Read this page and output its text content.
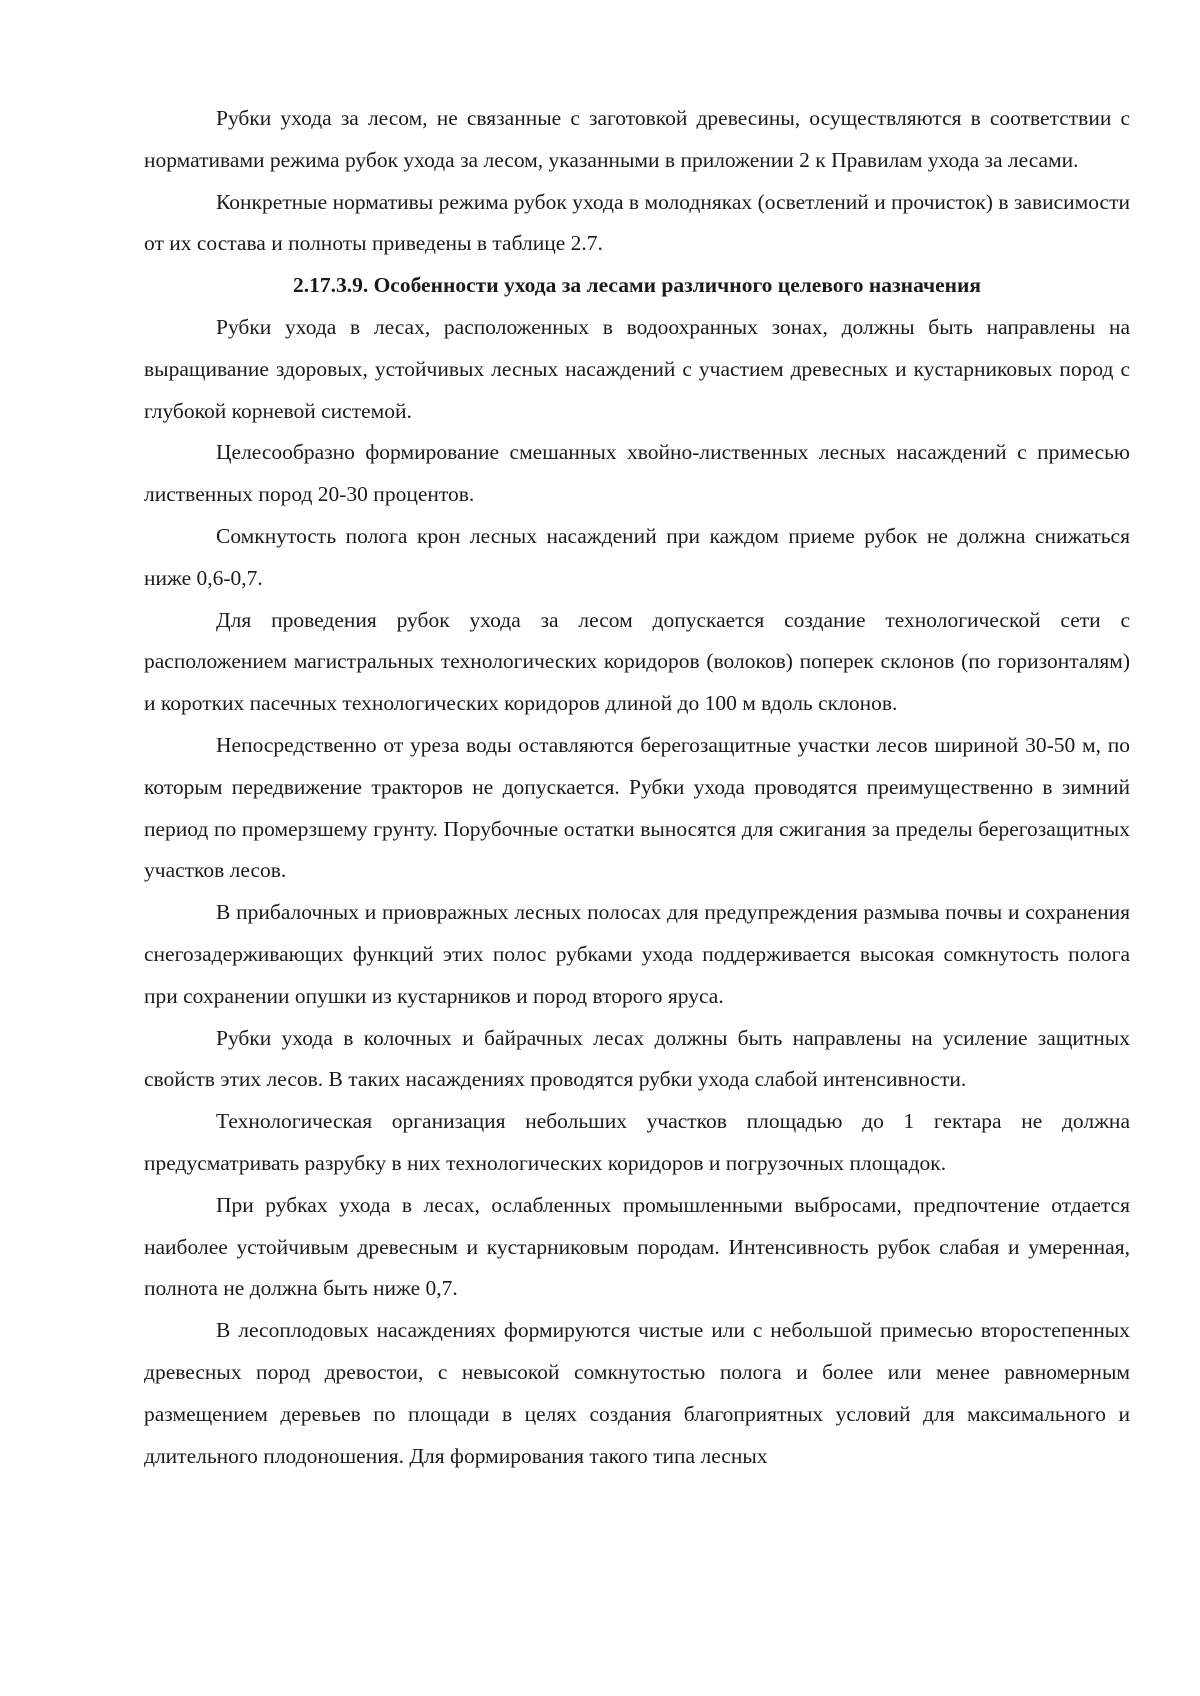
Рубки ухода за лесом, не связанные с заготовкой древесины, осуществляются в соответствии с нормативами режима рубок ухода за лесом, указанными в приложении 2 к Правилам ухода за лесами.

Конкретные нормативы режима рубок ухода в молодняках (осветлений и прочисток) в зависимости от их состава и полноты приведены в таблице 2.7.

2.17.3.9. Особенности ухода за лесами различного целевого назначения

Рубки ухода в лесах, расположенных в водоохранных зонах, должны быть направлены на выращивание здоровых, устойчивых лесных насаждений с участием древесных и кустарниковых пород с глубокой корневой системой.

Целесообразно формирование смешанных хвойно-лиственных лесных насаждений с примесью лиственных пород 20-30 процентов.

Сомкнутость полога крон лесных насаждений при каждом приеме рубок не должна снижаться ниже 0,6-0,7.

Для проведения рубок ухода за лесом допускается создание технологической сети с расположением магистральных технологических коридоров (волоков) поперек склонов (по горизонталям) и коротких пасечных технологических коридоров длиной до 100 м вдоль склонов.

Непосредственно от уреза воды оставляются берегозащитные участки лесов шириной 30-50 м, по которым передвижение тракторов не допускается. Рубки ухода проводятся преимущественно в зимний период по промерзшему грунту. Порубочные остатки выносятся для сжигания за пределы берегозащитных участков лесов.

В прибалочных и приовражных лесных полосах для предупреждения размыва почвы и сохранения снегозадерживающих функций этих полос рубками ухода поддерживается высокая сомкнутость полога при сохранении опушки из кустарников и пород второго яруса.

Рубки ухода в колочных и байрачных лесах должны быть направлены на усиление защитных свойств этих лесов. В таких насаждениях проводятся рубки ухода слабой интенсивности.

Технологическая организация небольших участков площадью до 1 гектара не должна предусматривать разрубку в них технологических коридоров и погрузочных площадок.

При рубках ухода в лесах, ослабленных промышленными выбросами, предпочтение отдается наиболее устойчивым древесным и кустарниковым породам. Интенсивность рубок слабая и умеренная, полнота не должна быть ниже 0,7.

В лесоплодовых насаждениях формируются чистые или с небольшой примесью второстепенных древесных пород древостои, с невысокой сомкнутостью полога и более или менее равномерным размещением деревьев по площади в целях создания благоприятных условий для максимального и длительного плодоношения. Для формирования такого типа лесных
